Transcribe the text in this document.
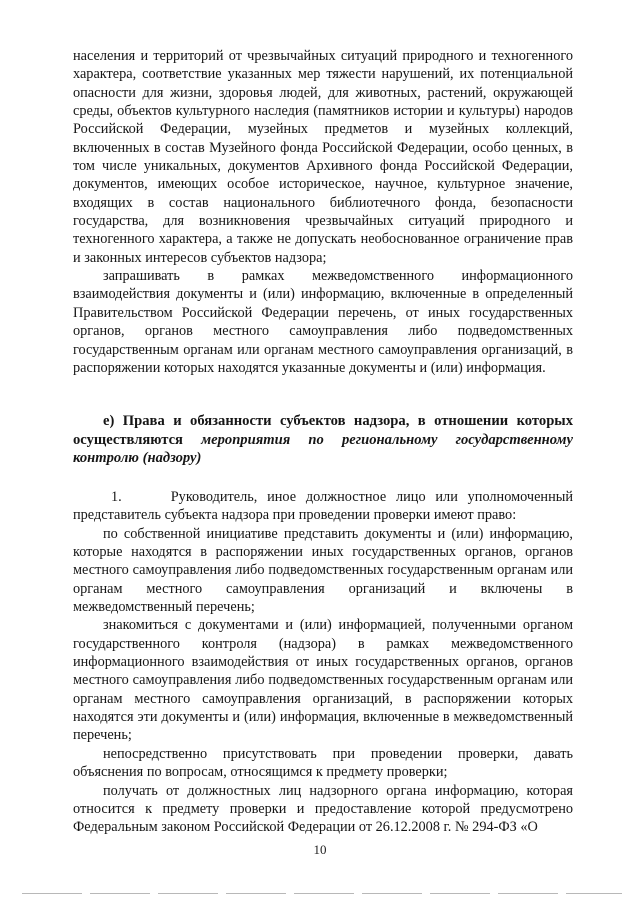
населения и территорий от чрезвычайных ситуаций природного и техногенного характера, соответствие указанных мер тяжести нарушений, их потенциальной опасности для жизни, здоровья людей, для животных, растений, окружающей среды, объектов культурного наследия (памятников истории и культуры) народов Российской Федерации, музейных предметов и музейных коллекций, включенных в состав Музейного фонда Российской Федерации, особо ценных, в том числе уникальных, документов Архивного фонда Российской Федерации, документов, имеющих особое историческое, научное, культурное значение, входящих в состав национального библиотечного фонда, безопасности государства, для возникновения чрезвычайных ситуаций природного и техногенного характера, а также не допускать необоснованное ограничение прав и законных интересов субъектов надзора;

запрашивать в рамках межведомственного информационного взаимодействия документы и (или) информацию, включенные в определенный Правительством Российской Федерации перечень, от иных государственных органов, органов местного самоуправления либо подведомственных государственным органам или органам местного самоуправления организаций, в распоряжении которых находятся указанные документы и (или) информация.

е) Права и обязанности субъектов надзора, в отношении которых осуществляются мероприятия по региональному государственному контролю (надзору)

1.     Руководитель, иное должностное лицо или уполномоченный представитель субъекта надзора при проведении проверки имеют право:

по собственной инициативе представить документы и (или) информацию, которые находятся в распоряжении иных государственных органов, органов местного самоуправления либо подведомственных государственным органам или органам местного самоуправления организаций и включены в межведомственный перечень;

знакомиться с документами и (или) информацией, полученными органом государственного контроля (надзора) в рамках межведомственного информационного взаимодействия от иных государственных органов, органов местного самоуправления либо подведомственных государственным органам или органам местного самоуправления организаций, в распоряжении которых находятся эти документы и (или) информация, включенные в межведомственный перечень;

непосредственно присутствовать при проведении проверки, давать объяснения по вопросам, относящимся к предмету проверки;

получать от должностных лиц надзорного органа информацию, которая относится к предмету проверки и предоставление которой предусмотрено Федеральным законом Российской Федерации от 26.12.2008 г. № 294-ФЗ «О

10
